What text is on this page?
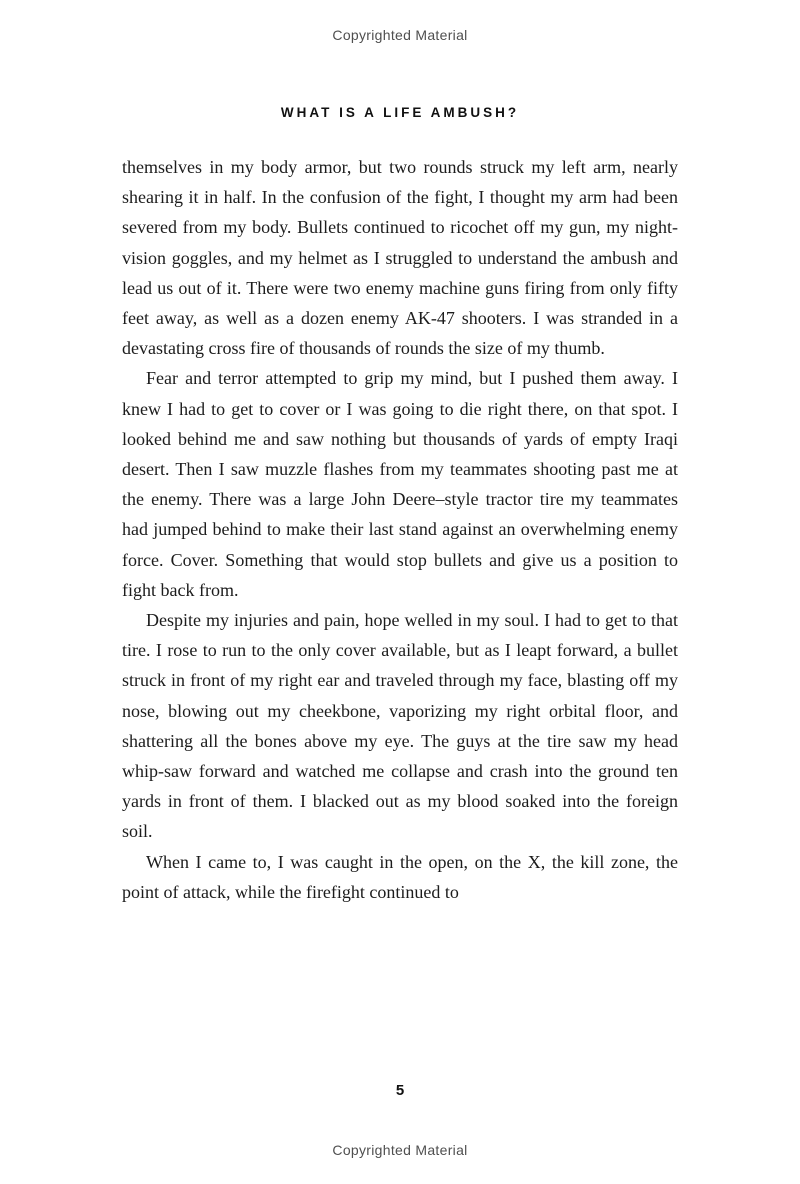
Copyrighted Material
WHAT IS A LIFE AMBUSH?

themselves in my body armor, but two rounds struck my left arm, nearly shearing it in half. In the confusion of the fight, I thought my arm had been severed from my body. Bullets continued to ricochet off my gun, my night-vision goggles, and my helmet as I struggled to understand the ambush and lead us out of it. There were two enemy machine guns firing from only fifty feet away, as well as a dozen enemy AK-47 shooters. I was stranded in a devastating cross fire of thousands of rounds the size of my thumb.

Fear and terror attempted to grip my mind, but I pushed them away. I knew I had to get to cover or I was going to die right there, on that spot. I looked behind me and saw nothing but thousands of yards of empty Iraqi desert. Then I saw muzzle flashes from my teammates shooting past me at the enemy. There was a large John Deere–style tractor tire my teammates had jumped behind to make their last stand against an overwhelming enemy force. Cover. Something that would stop bullets and give us a position to fight back from.

Despite my injuries and pain, hope welled in my soul. I had to get to that tire. I rose to run to the only cover available, but as I leapt forward, a bullet struck in front of my right ear and traveled through my face, blasting off my nose, blowing out my cheekbone, vaporizing my right orbital floor, and shattering all the bones above my eye. The guys at the tire saw my head whip-saw forward and watched me collapse and crash into the ground ten yards in front of them. I blacked out as my blood soaked into the foreign soil.

When I came to, I was caught in the open, on the X, the kill zone, the point of attack, while the firefight continued to

5
Copyrighted Material
